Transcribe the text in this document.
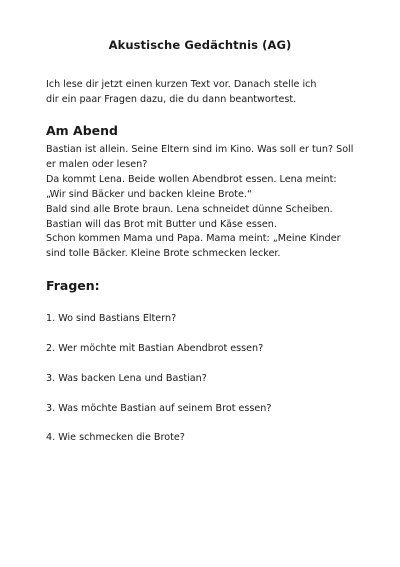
Akustische Gedächtnis (AG)
Ich lese dir jetzt einen kurzen Text vor. Danach stelle ich
dir ein paar Fragen dazu, die du dann beantwortest.
Am Abend
Bastian ist allein. Seine Eltern sind im Kino. Was soll er tun? Soll
er malen oder lesen?
Da kommt Lena. Beide wollen Abendbrot essen. Lena meint:
„Wir sind Bäcker und backen kleine Brote.“
Bald sind alle Brote braun. Lena schneidet dünne Scheiben.
Bastian will das Brot mit Butter und Käse essen.
Schon kommen Mama und Papa. Mama meint: „Meine Kinder
sind tolle Bäcker. Kleine Brote schmecken lecker.
Fragen:
1. Wo sind Bastians Eltern?
2. Wer möchte mit Bastian Abendbrot essen?
3. Was backen Lena und Bastian?
3. Was möchte Bastian auf seinem Brot essen?
4. Wie schmecken die Brote?
